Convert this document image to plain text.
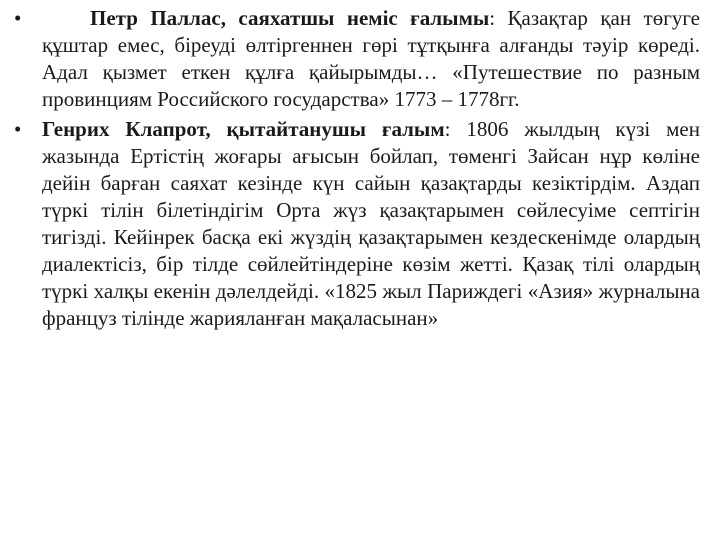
•	Петр Паллас, саяхатшы неміс ғалымы: Қазақтар қан төгуге құштар емес, біреуді өлтіргеннен гөрі тұтқынға алғанды тәуір көреді. Адал қызмет еткен құлға қайырымды… «Путешествие по разным провинциям Российского государства» 1773 – 1778гг.
• Генрих Клапрот, қытайтанушы ғалым: 1806 жылдың күзі мен жазында Ертістің жоғары ағысын бойлап, төменгі Зайсан нұр көліне дейін барған саяхат кезінде күн сайын қазақтарды кезіктірдім. Аздап түркі тілін білетіндігім Орта жүз қазақтарымен сөйлесуіме септігін тигізді. Кейінрек басқа екі жүздің қазақтарымен кездескенімде олардың диалектісіз, бір тілде сөйлейтіндеріне көзім жетті. Қазақ тілі олардың түркі халқы екенін дәлелдейді. «1825 жыл Париждегі «Азия» журналына француз тілінде жарияланған мақаласынан»
